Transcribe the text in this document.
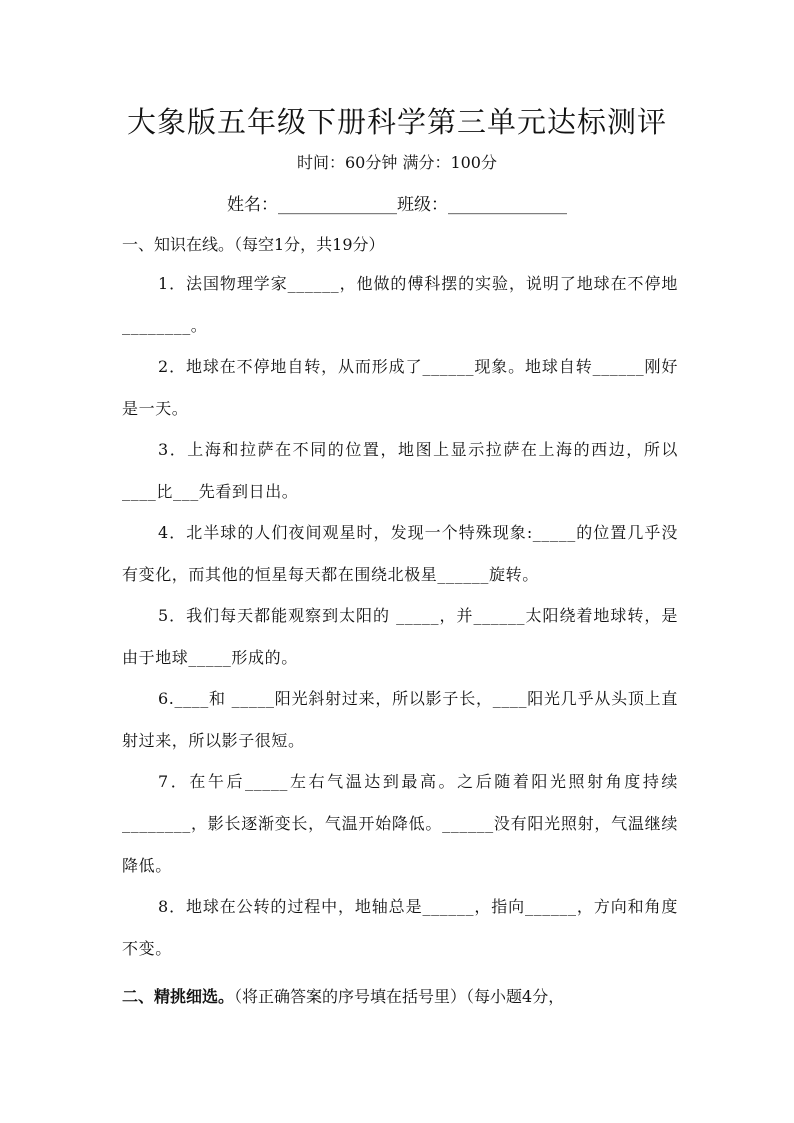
大象版五年级下册科学第三单元达标测评
时间：60分钟 满分：100分
姓名：______________班级：______________
一、知识在线。（每空1分，共19分）
1．法国物理学家______，他做的傅科摆的实验，说明了地球在不停地________。
2．地球在不停地自转，从而形成了______现象。地球自转______刚好是一天。
3．上海和拉萨在不同的位置，地图上显示拉萨在上海的西边，所以____比___先看到日出。
4．北半球的人们夜间观星时，发现一个特殊现象:_____的位置几乎没有变化，而其他的恒星每天都在围绕北极星______旋转。
5．我们每天都能观察到太阳的 _____，并______太阳绕着地球转，是由于地球_____形成的。
6.____和 _____阳光斜射过来，所以影子长，____阳光几乎从头顶上直射过来，所以影子很短。
7．在午后_____左右气温达到最高。之后随着阳光照射角度持续________，影长逐渐变长，气温开始降低。______没有阳光照射，气温继续降低。
8．地球在公转的过程中，地轴总是______，指向______，方向和角度不变。
二、精挑细选。（将正确答案的序号填在括号里）（每小题4分，
